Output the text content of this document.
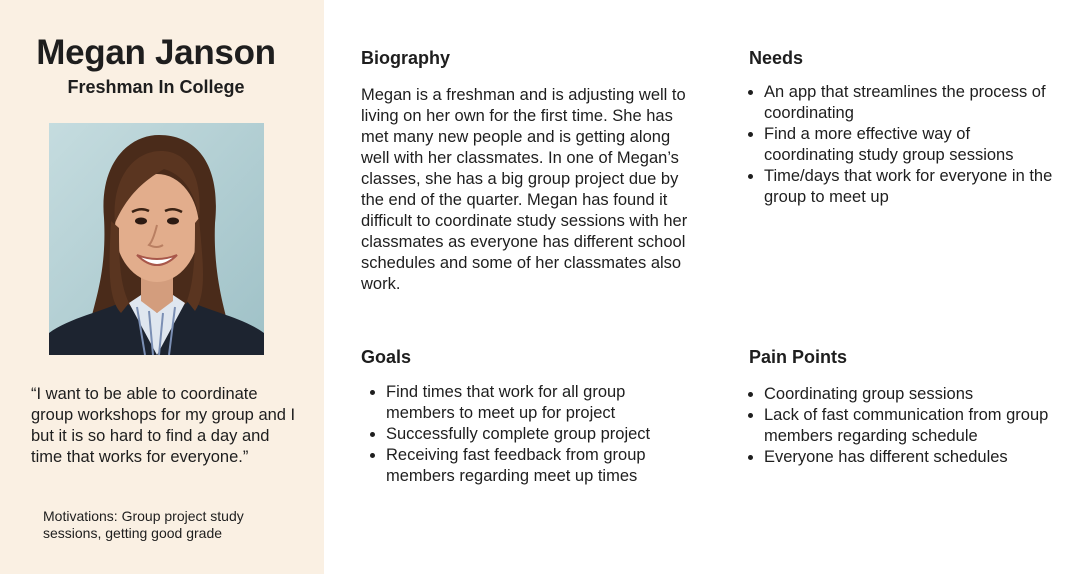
Megan Janson
Freshman In College
“I want to be able to coordinate group workshops for my group and I but it is so hard to find a day and time that works for everyone.”
Motivations: Group project study sessions, getting good grade
Biography
Megan is a freshman and is adjusting well to living on her own for the first time. She has met many new people and is getting along well with her classmates. In one of Megan’s classes, she has a big group project due by the end of the quarter. Megan has found it difficult to coordinate study sessions with her classmates as everyone has different school schedules and some of her classmates also work.
Needs
• An app that streamlines the process of coordinating
• Find a more effective way of coordinating study group sessions
• Time/days that work for everyone in the group to meet up
Goals
• Find times that work for all group members to meet up for project
• Successfully complete group project
• Receiving fast feedback from group members regarding meet up times
Pain Points
• Coordinating group sessions
• Lack of fast communication from group members regarding schedule
• Everyone has different schedules
